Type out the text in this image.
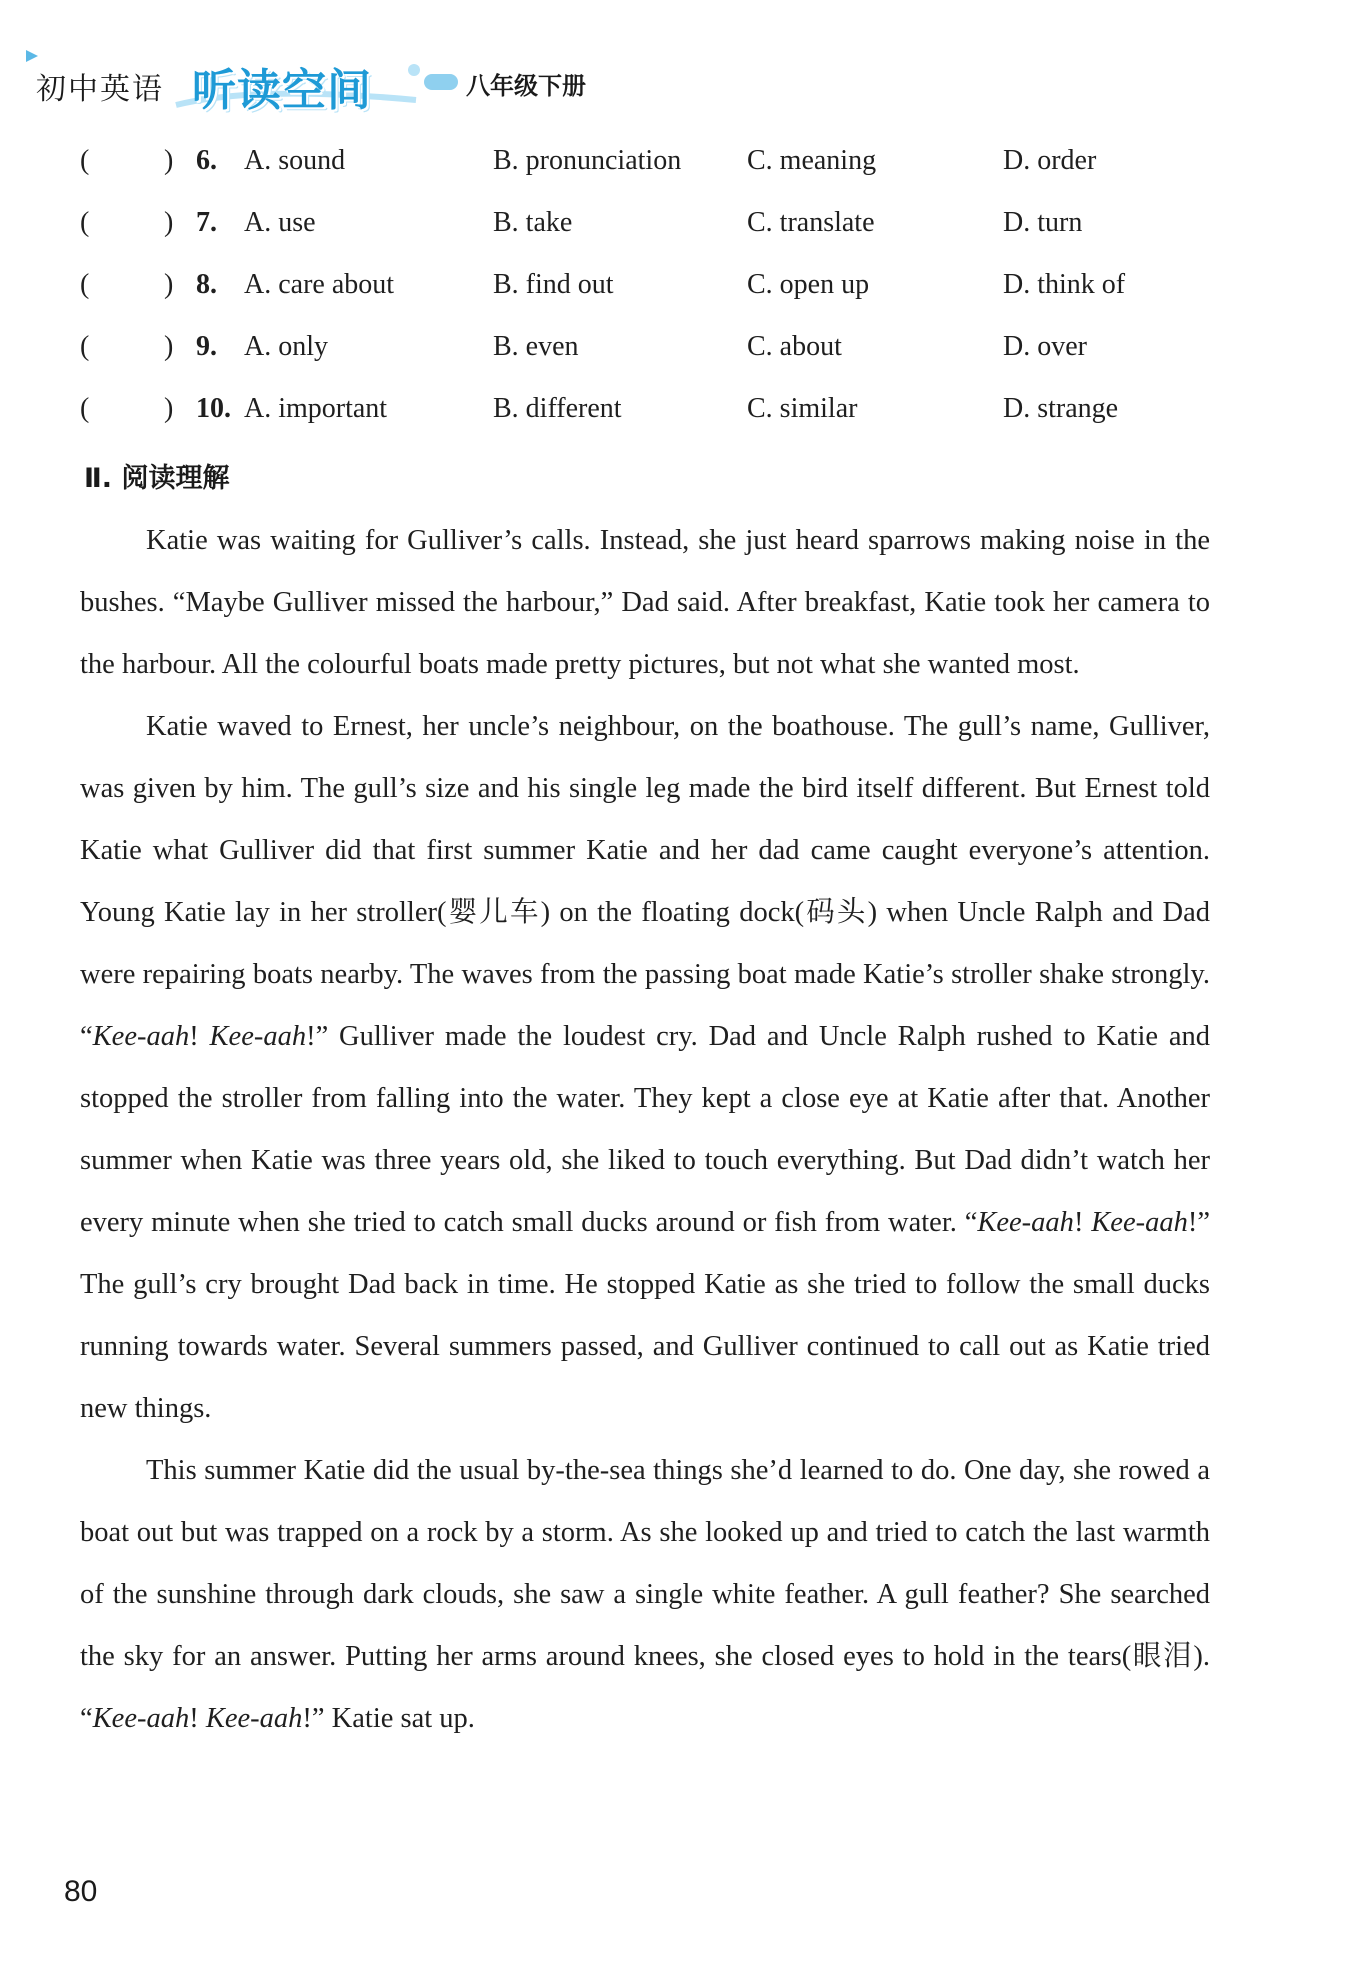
初中英语 听读空间	八年级下册
(	) 6. A. sound	B. pronunciation C. meaning	D. order
(	) 7. A. use	B. take	C. translate	D. turn
(	) 8. A. care about	B. find out	C. open up	D. think of
(	) 9. A. only	B. even	C. about	D. over
(	) 10. A. important	B. different	C. similar	D. strange
Ⅱ. 阅读理解

Katie was waiting for Gulliver’s calls. Instead, she just heard sparrows making noise in the bushes. “Maybe Gulliver missed the harbour,” Dad said. After breakfast, Katie took her camera to the harbour. All the colourful boats made pretty pictures, but not what she wanted most.

Katie waved to Ernest, her uncle’s neighbour, on the boathouse. The gull’s name, Gulliver, was given by him. The gull’s size and his single leg made the bird itself different. But Ernest told Katie what Gulliver did that first summer Katie and her dad came caught everyone’s attention. Young Katie lay in her stroller(婴儿车) on the floating dock(码头) when Uncle Ralph and Dad were repairing boats nearby. The waves from the passing boat made Katie’s stroller shake strongly. “Kee-aah! Kee-aah!” Gulliver made the loudest cry. Dad and Uncle Ralph rushed to Katie and stopped the stroller from falling into the water. They kept a close eye at Katie after that. Another summer when Katie was three years old, she liked to touch everything. But Dad didn’t watch her every minute when she tried to catch small ducks around or fish from water. “Kee-aah! Kee-aah!” The gull’s cry brought Dad back in time. He stopped Katie as she tried to follow the small ducks running towards water. Several summers passed, and Gulliver continued to call out as Katie tried new things.

This summer Katie did the usual by-the-sea things she’d learned to do. One day, she rowed a boat out but was trapped on a rock by a storm. As she looked up and tried to catch the last warmth of the sunshine through dark clouds, she saw a single white feather. A gull feather? She searched the sky for an answer. Putting her arms around knees, she closed eyes to hold in the tears(眼泪). “Kee-aah! Kee-aah!” Katie sat up.

80
